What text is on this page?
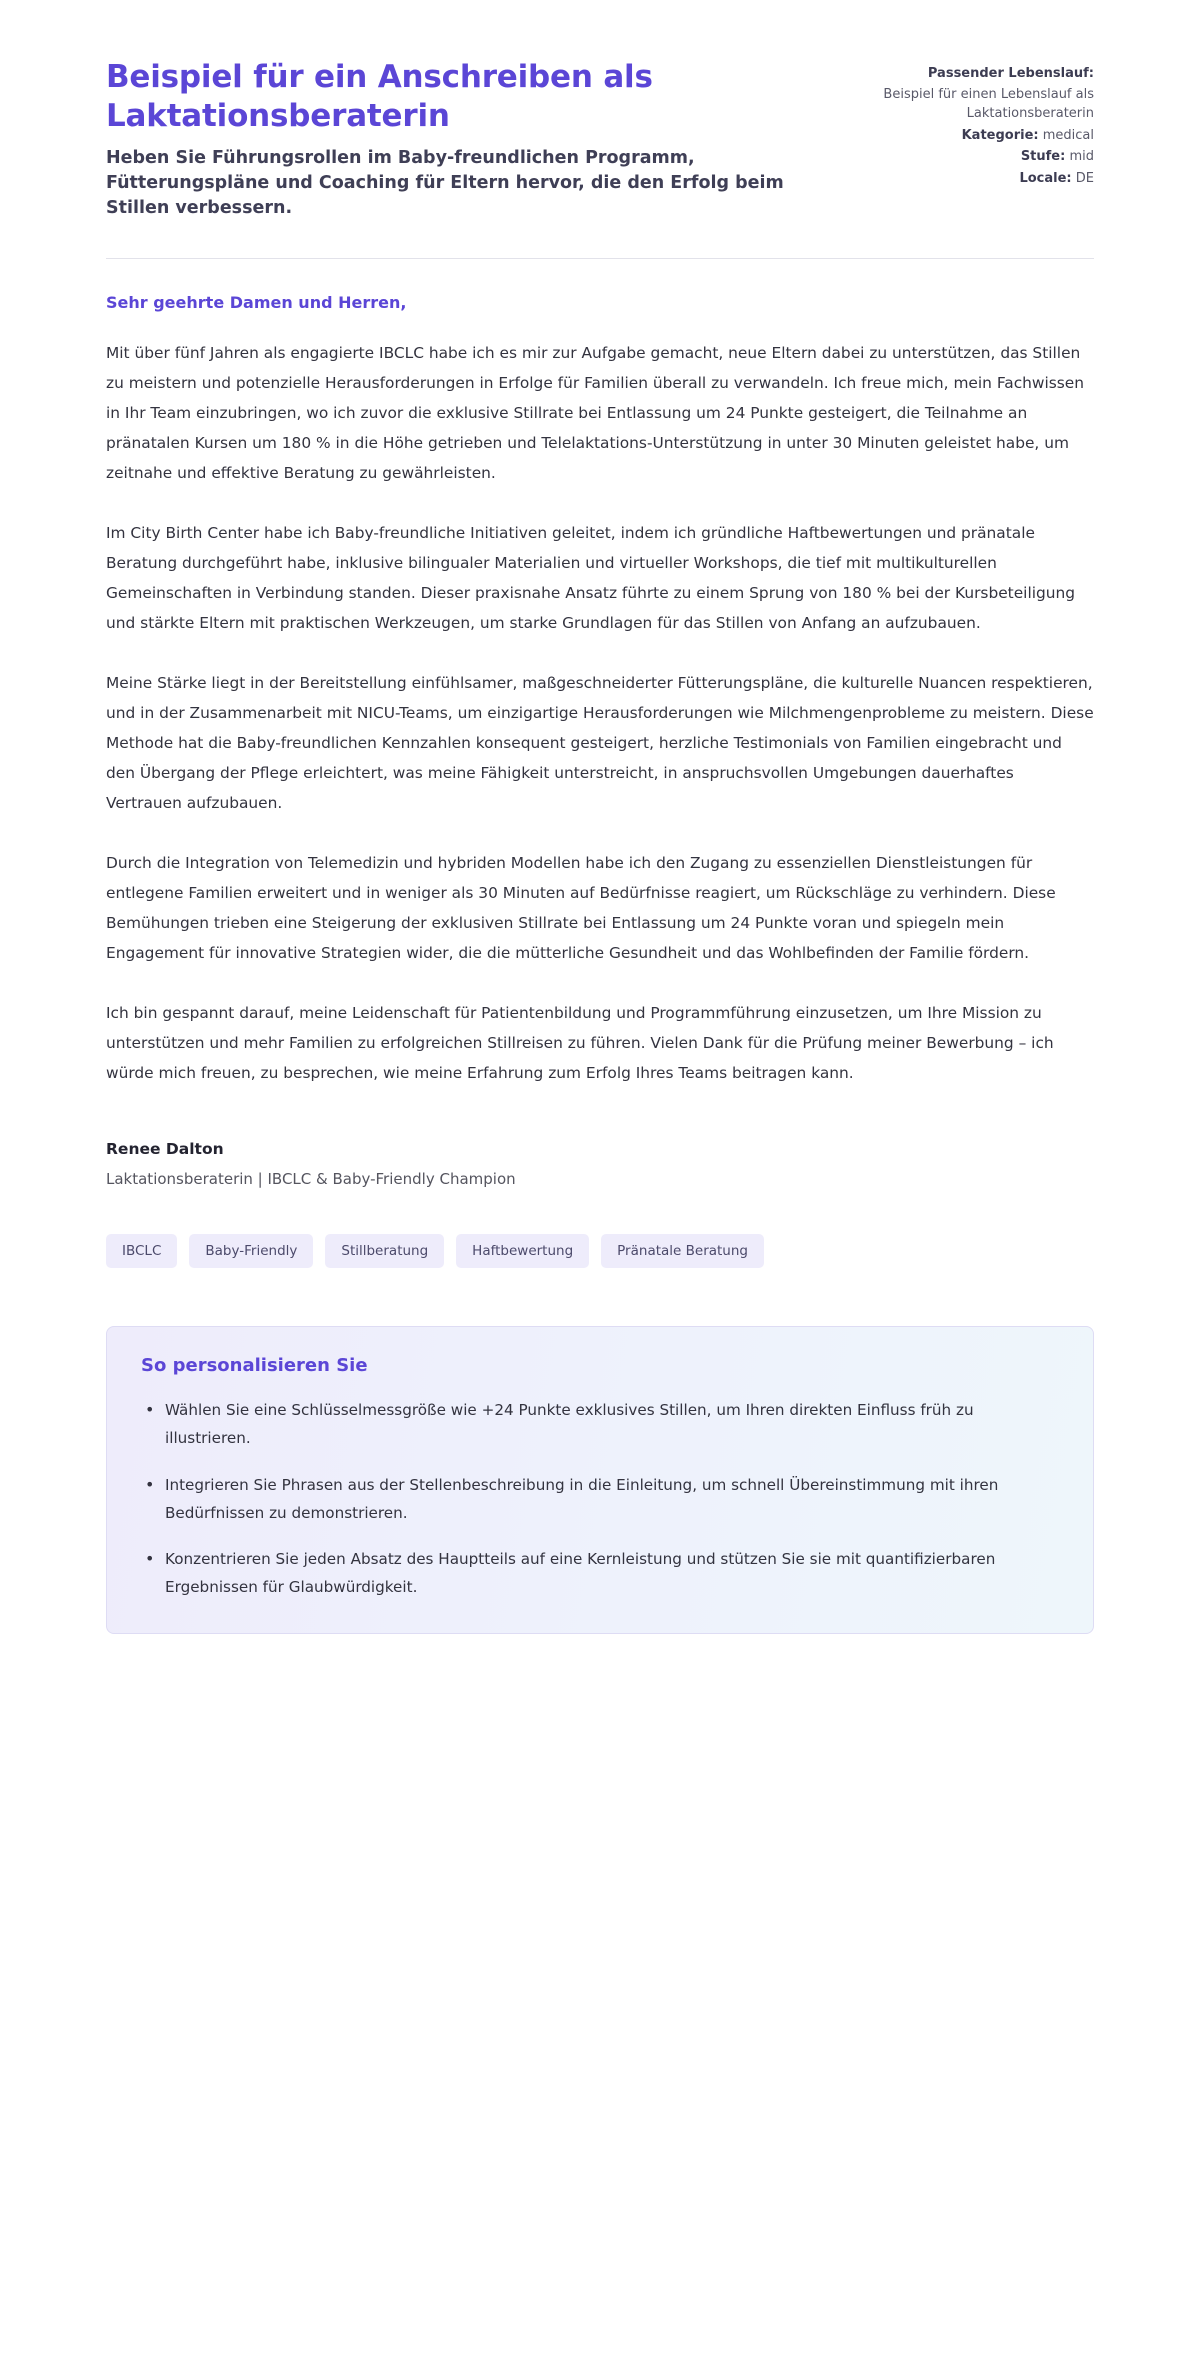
Beispiel für ein Anschreiben als Laktationsberaterin

Heben Sie Führungsrollen im Baby-freundlichen Programm, Fütterungspläne und Coaching für Eltern hervor, die den Erfolg beim Stillen verbessern.

Passender Lebenslauf:
Beispiel für einen Lebenslauf als Laktationsberaterin
Kategorie: medical
Stufe: mid
Locale: DE

Sehr geehrte Damen und Herren,

Mit über fünf Jahren als engagierte IBCLC habe ich es mir zur Aufgabe gemacht, neue Eltern dabei zu unterstützen, das Stillen zu meistern und potenzielle Herausforderungen in Erfolge für Familien überall zu verwandeln. Ich freue mich, mein Fachwissen in Ihr Team einzubringen, wo ich zuvor die exklusive Stillrate bei Entlassung um 24 Punkte gesteigert, die Teilnahme an pränatalen Kursen um 180 % in die Höhe getrieben und Telelaktations-Unterstützung in unter 30 Minuten geleistet habe, um zeitnahe und effektive Beratung zu gewährleisten.

Im City Birth Center habe ich Baby-freundliche Initiativen geleitet, indem ich gründliche Haftbewertungen und pränatale Beratung durchgeführt habe, inklusive bilingualer Materialien und virtueller Workshops, die tief mit multikulturellen Gemeinschaften in Verbindung standen. Dieser praxisnahe Ansatz führte zu einem Sprung von 180 % bei der Kursbeteiligung und stärkte Eltern mit praktischen Werkzeugen, um starke Grundlagen für das Stillen von Anfang an aufzubauen.

Meine Stärke liegt in der Bereitstellung einfühlsamer, maßgeschneiderter Fütterungspläne, die kulturelle Nuancen respektieren, und in der Zusammenarbeit mit NICU-Teams, um einzigartige Herausforderungen wie Milchmengenprobleme zu meistern. Diese Methode hat die Baby-freundlichen Kennzahlen konsequent gesteigert, herzliche Testimonials von Familien eingebracht und den Übergang der Pflege erleichtert, was meine Fähigkeit unterstreicht, in anspruchsvollen Umgebungen dauerhaftes Vertrauen aufzubauen.

Durch die Integration von Telemedizin und hybriden Modellen habe ich den Zugang zu essenziellen Dienstleistungen für entlegene Familien erweitert und in weniger als 30 Minuten auf Bedürfnisse reagiert, um Rückschläge zu verhindern. Diese Bemühungen trieben eine Steigerung der exklusiven Stillrate bei Entlassung um 24 Punkte voran und spiegeln mein Engagement für innovative Strategien wider, die die mütterliche Gesundheit und das Wohlbefinden der Familie fördern.

Ich bin gespannt darauf, meine Leidenschaft für Patientenbildung und Programmführung einzusetzen, um Ihre Mission zu unterstützen und mehr Familien zu erfolgreichen Stillreisen zu führen. Vielen Dank für die Prüfung meiner Bewerbung – ich würde mich freuen, zu besprechen, wie meine Erfahrung zum Erfolg Ihres Teams beitragen kann.

Renee Dalton

Laktationsberaterin | IBCLC & Baby-Friendly Champion

IBCLC	Baby-Friendly	Stillberatung	Haftbewertung	Pränatale Beratung
So personalisieren Sie
• Wählen Sie eine Schlüsselmessgröße wie +24 Punkte exklusives Stillen, um Ihren direkten Einfluss früh zu illustrieren.
• Integrieren Sie Phrasen aus der Stellenbeschreibung in die Einleitung, um schnell Übereinstimmung mit ihren Bedürfnissen zu demonstrieren.
• Konzentrieren Sie jeden Absatz des Hauptteils auf eine Kernleistung und stützen Sie sie mit quantifizierbaren Ergebnissen für Glaubwürdigkeit.
